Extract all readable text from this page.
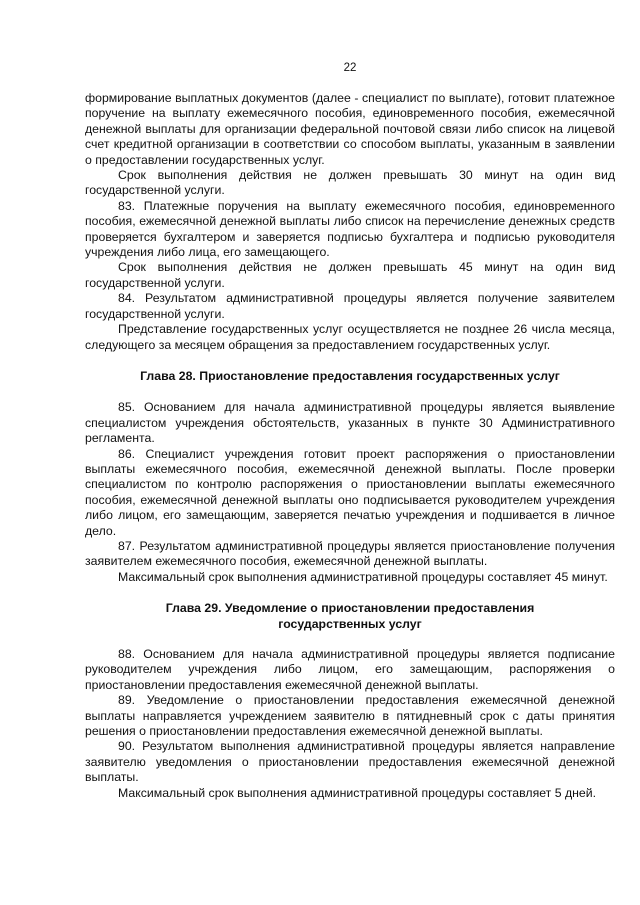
22

формирование выплатных документов (далее - специалист по выплате), готовит платежное поручение на выплату ежемесячного пособия, единовременного пособия, ежемесячной денежной выплаты для организации федеральной почтовой связи либо список на лицевой счет кредитной организации в соответствии со способом выплаты, указанным в заявлении о предоставлении государственных услуг.

Срок выполнения действия не должен превышать 30 минут на один вид государственной услуги.

83. Платежные поручения на выплату ежемесячного пособия, единовременного пособия, ежемесячной денежной выплаты либо список на перечисление денежных средств проверяется бухгалтером и заверяется подписью бухгалтера и подписью руководителя учреждения либо лица, его замещающего.

Срок выполнения действия не должен превышать 45 минут на один вид государственной услуги.

84. Результатом административной процедуры является получение заявителем государственной услуги.

Представление государственных услуг осуществляется не позднее 26 числа месяца, следующего за месяцем обращения за предоставлением государственных услуг.

Глава 28. Приостановление предоставления государственных услуг

85. Основанием для начала административной процедуры является выявление специалистом учреждения обстоятельств, указанных в пункте 30 Административного регламента.

86. Специалист учреждения готовит проект распоряжения о приостановлении выплаты ежемесячного пособия, ежемесячной денежной выплаты. После проверки специалистом по контролю распоряжения о приостановлении выплаты ежемесячного пособия, ежемесячной денежной выплаты оно подписывается руководителем учреждения либо лицом, его замещающим, заверяется печатью учреждения и подшивается в личное дело.

87. Результатом административной процедуры является приостановление получения заявителем ежемесячного пособия, ежемесячной денежной выплаты.

Максимальный срок выполнения административной процедуры составляет 45 минут.

Глава 29. Уведомление о приостановлении предоставления
государственных услуг

88. Основанием для начала административной процедуры является подписание руководителем учреждения либо лицом, его замещающим, распоряжения о приостановлении предоставления ежемесячной денежной выплаты.

89. Уведомление о приостановлении предоставления ежемесячной денежной выплаты направляется учреждением заявителю в пятидневный срок с даты принятия решения о приостановлении предоставления ежемесячной денежной выплаты.

90. Результатом выполнения административной процедуры является направление заявителю уведомления о приостановлении предоставления ежемесячной денежной выплаты.

Максимальный срок выполнения административной процедуры составляет 5 дней.
